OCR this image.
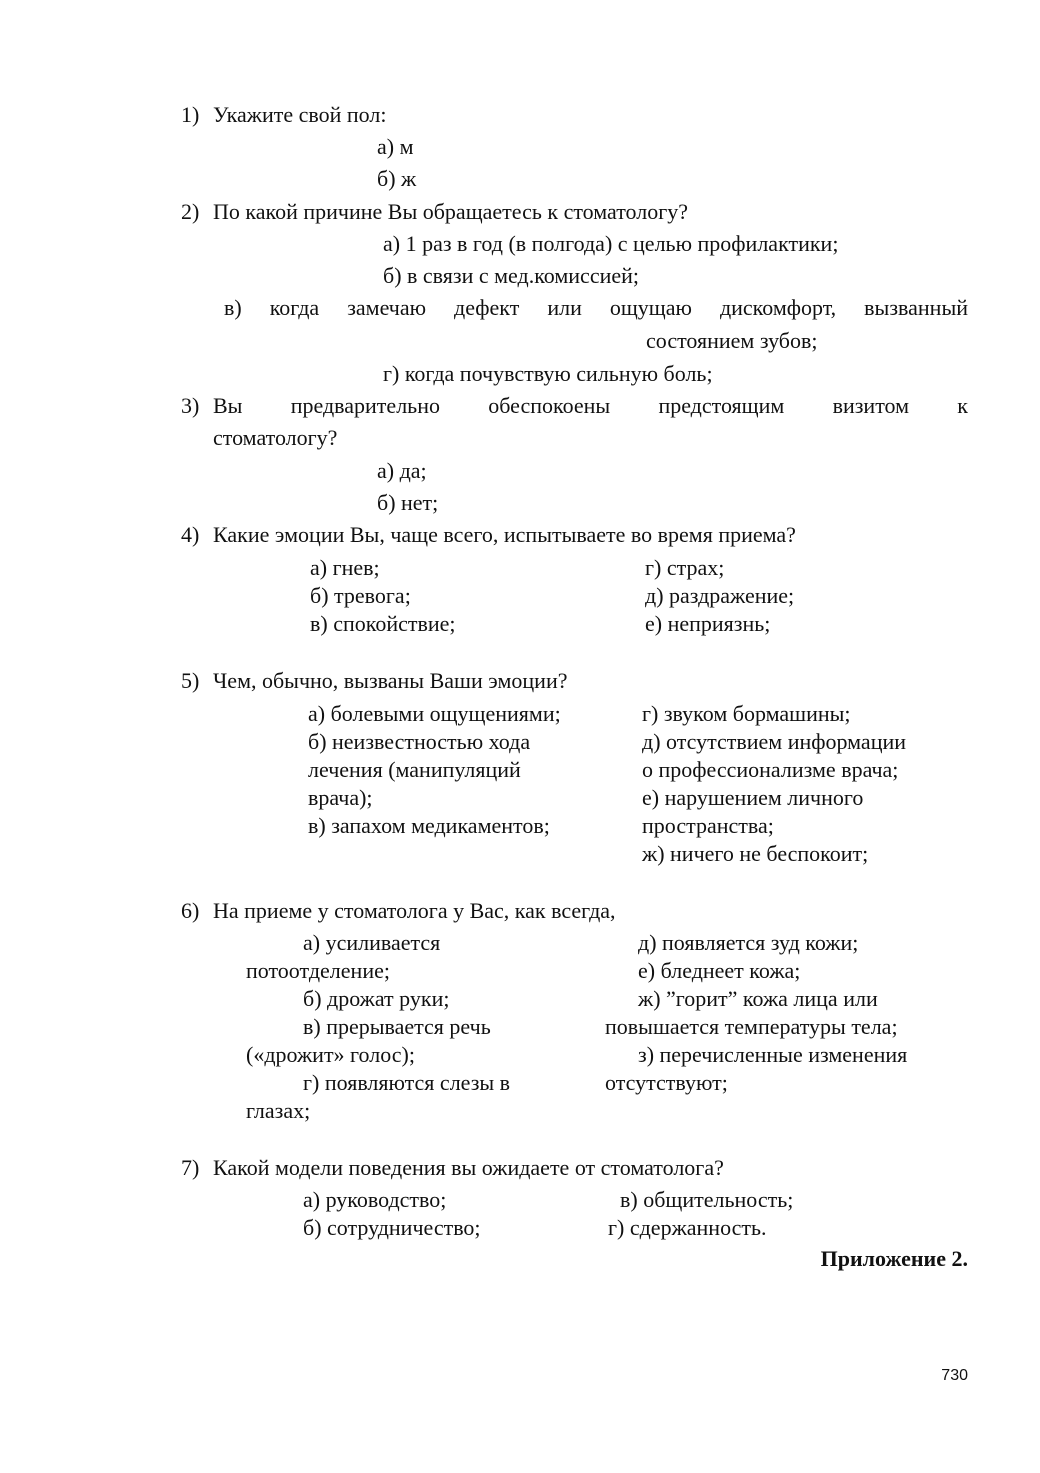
1) Укажите свой пол:
а) м
б) ж
2) По какой причине Вы обращаетесь к стоматологу?
а) 1 раз в год (в полгода) с целью профилактики;
б) в связи с мед.комиссией;
в) когда замечаю дефект или ощущаю дискомфорт, вызванный
состоянием зубов;
г) когда почувствую сильную боль;
3) Вы предварительно обеспокоены предстоящим визитом к
стоматологу?
а) да;
б) нет;
4) Какие эмоции Вы, чаще всего, испытываете во время приема?
а) гнев;
б) тревога;
в) спокойствие;
г) страх;
д) раздражение;
е) неприязнь;
5) Чем, обычно, вызваны Ваши эмоции?
а) болевыми ощущениями;
б) неизвестностью хода
лечения (манипуляций
врача);
в) запахом медикаментов;
г) звуком бормашины;
д) отсутствием информации
о профессионализме врача;
е) нарушением личного
пространства;
ж) ничего не беспокоит;
6) На приеме у стоматолога у Вас, как всегда,
а) усиливается
потоотделение;
б) дрожат руки;
в) прерывается речь
(«дрожит» голос);
г) появляются слезы в
глазах;
д) появляется зуд кожи;
е) бледнеет кожа;
ж) ”горит” кожа лица или
повышается температуры тела;
з) перечисленные изменения
отсутствуют;
7) Какой модели поведения вы ожидаете от стоматолога?
а) руководство;
б) сотрудничество;
в) общительность;
г) сдержанность.
Приложение 2.
730
